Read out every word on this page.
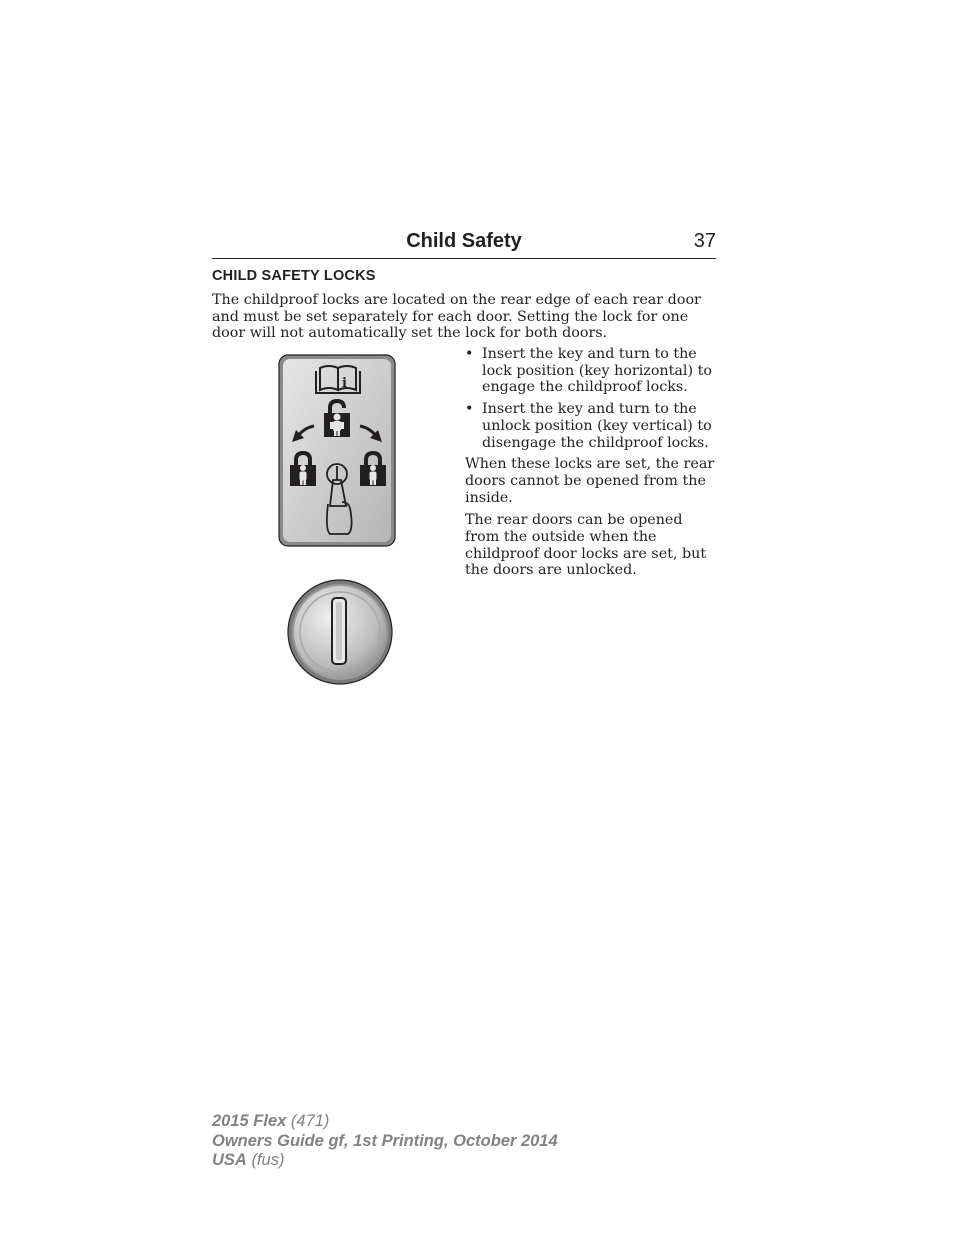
Child Safety	37
CHILD SAFETY LOCKS

The childproof locks are located on the rear edge of each rear door and must be set separately for each door. Setting the lock for one door will not automatically set the lock for both doors.

i
• Insert the key and turn to the lock position (key horizontal) to engage the childproof locks.
• Insert the key and turn to the unlock position (key vertical) to disengage the childproof locks.

When these locks are set, the rear doors cannot be opened from the inside.

The rear doors can be opened from the outside when the childproof door locks are set, but the doors are unlocked.

2015 Flex (471)
Owners Guide gf, 1st Printing, October 2014
USA (fus)
